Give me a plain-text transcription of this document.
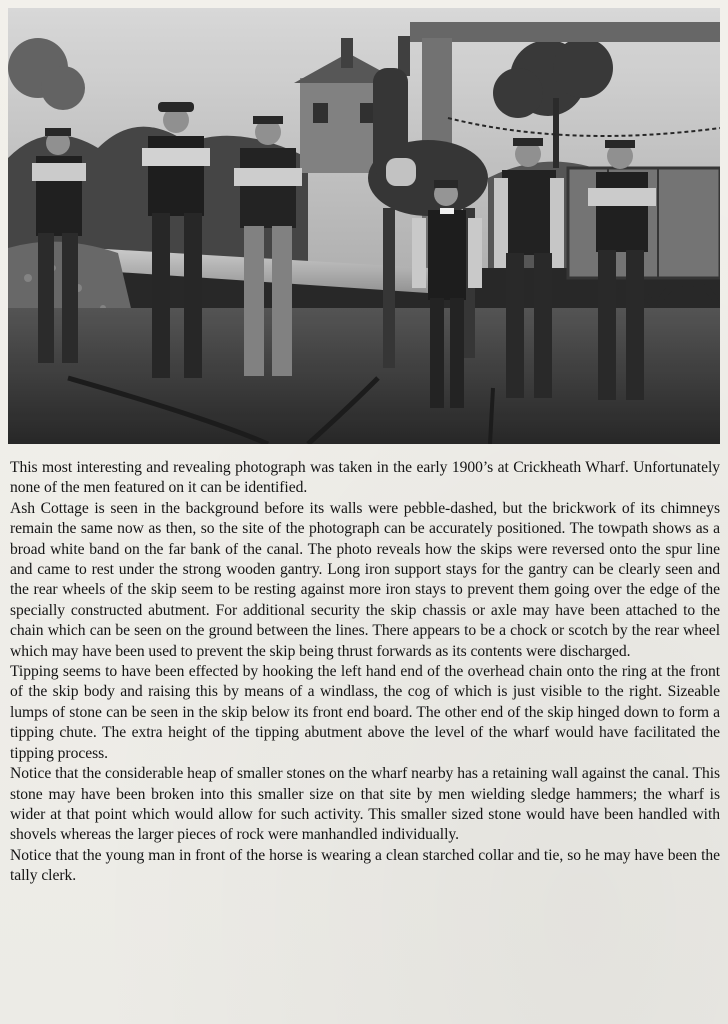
This most interesting and revealing photograph was taken in the early 1900’s at Crickheath Wharf. Unfortunately none of the men featured on it can be identified.

Ash Cottage is seen in the background before its walls were pebble-dashed, but the brickwork of its chimneys remain the same now as then, so the site of the photograph can be accurately positioned. The towpath shows as a broad white band on the far bank of the canal. The photo reveals how the skips were reversed onto the spur line and came to rest under the strong wooden gantry. Long iron support stays for the gantry can be clearly seen and the rear wheels of the skip seem to be resting against more iron stays to prevent them going over the edge of the specially constructed abutment. For additional security the skip chassis or axle may have been attached to the chain which can be seen on the ground between the lines. There appears to be a chock or scotch by the rear wheel which may have been used to prevent the skip being thrust forwards as its contents were discharged.

Tipping seems to have been effected by hooking the left hand end of the overhead chain onto the ring at the front of the skip body and raising this by means of a windlass, the cog of which is just visible to the right. Sizeable lumps of stone can be seen in the skip below its front end board. The other end of the skip hinged down to form a tipping chute. The extra height of the tipping abutment above the level of the wharf would have facilitated the tipping process.

Notice that the considerable heap of smaller stones on the wharf nearby has a retaining wall against the canal. This stone may have been broken into this smaller size on that site by men wielding sledge hammers; the wharf is wider at that point which would allow for such activity. This smaller sized stone would have been handled with shovels whereas the larger pieces of rock were manhandled individually.

Notice that the young man in front of the horse is wearing a clean starched collar and tie, so he may have been the tally clerk.
